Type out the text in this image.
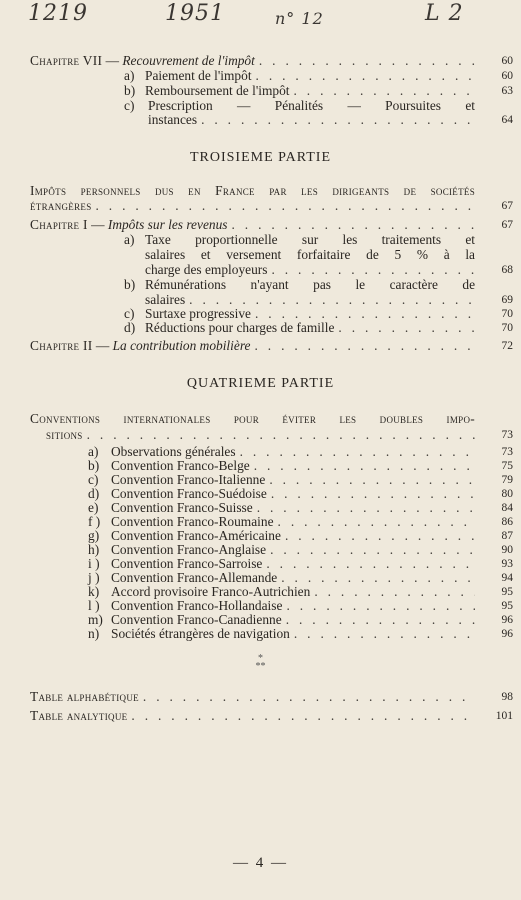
1219	1951	n° 12	L 2
Chapitre VII — Recouvrement de l'impôt . . .	60
a) Paiement de l'impôt . . .	60
b) Remboursement de l'impôt . . .	63
c) Prescription — Pénalités — Poursuites et
instances . . .	64
TROISIEME PARTIE
Impôts personnels dus en France par les dirigeants de sociétés
étrangères . . .	67
Chapitre I — Impôts sur les revenus . . .	67
a) Taxe proportionnelle sur les traitements et
salaires et versement forfaitaire de 5 % à la
charge des employeurs . . .	68
b) Rémunérations n'ayant pas le caractère de
salaires . . .	69
c) Surtaxe progressive . . .	70
d) Réductions pour charges de famille . . .	70
Chapitre II — La contribution mobilière . . .	72
QUATRIEME PARTIE
Conventions internationales pour éviter les doubles impo-
sitions . . .	73
a) Observations générales . . .	73
b) Convention Franco-Belge . . .	75
c) Convention Franco-Italienne . . .	79
d) Convention Franco-Suédoise . . .	80
e) Convention Franco-Suisse . . .	84
f ) Convention Franco-Roumaine . . .	86
g) Convention Franco-Américaine . . .	87
h) Convention Franco-Anglaise . . .	90
i ) Convention Franco-Sarroise . . .	93
j ) Convention Franco-Allemande . . .	94
k) Accord provisoire Franco-Autrichien . . .	95
l ) Convention Franco-Hollandaise . . .	95
m) Convention Franco-Canadienne . . .	96
n) Sociétés étrangères de navigation . . .	96
*
**
Table alphabétique . . .	98
Table analytique . . .	101
— 4 —
